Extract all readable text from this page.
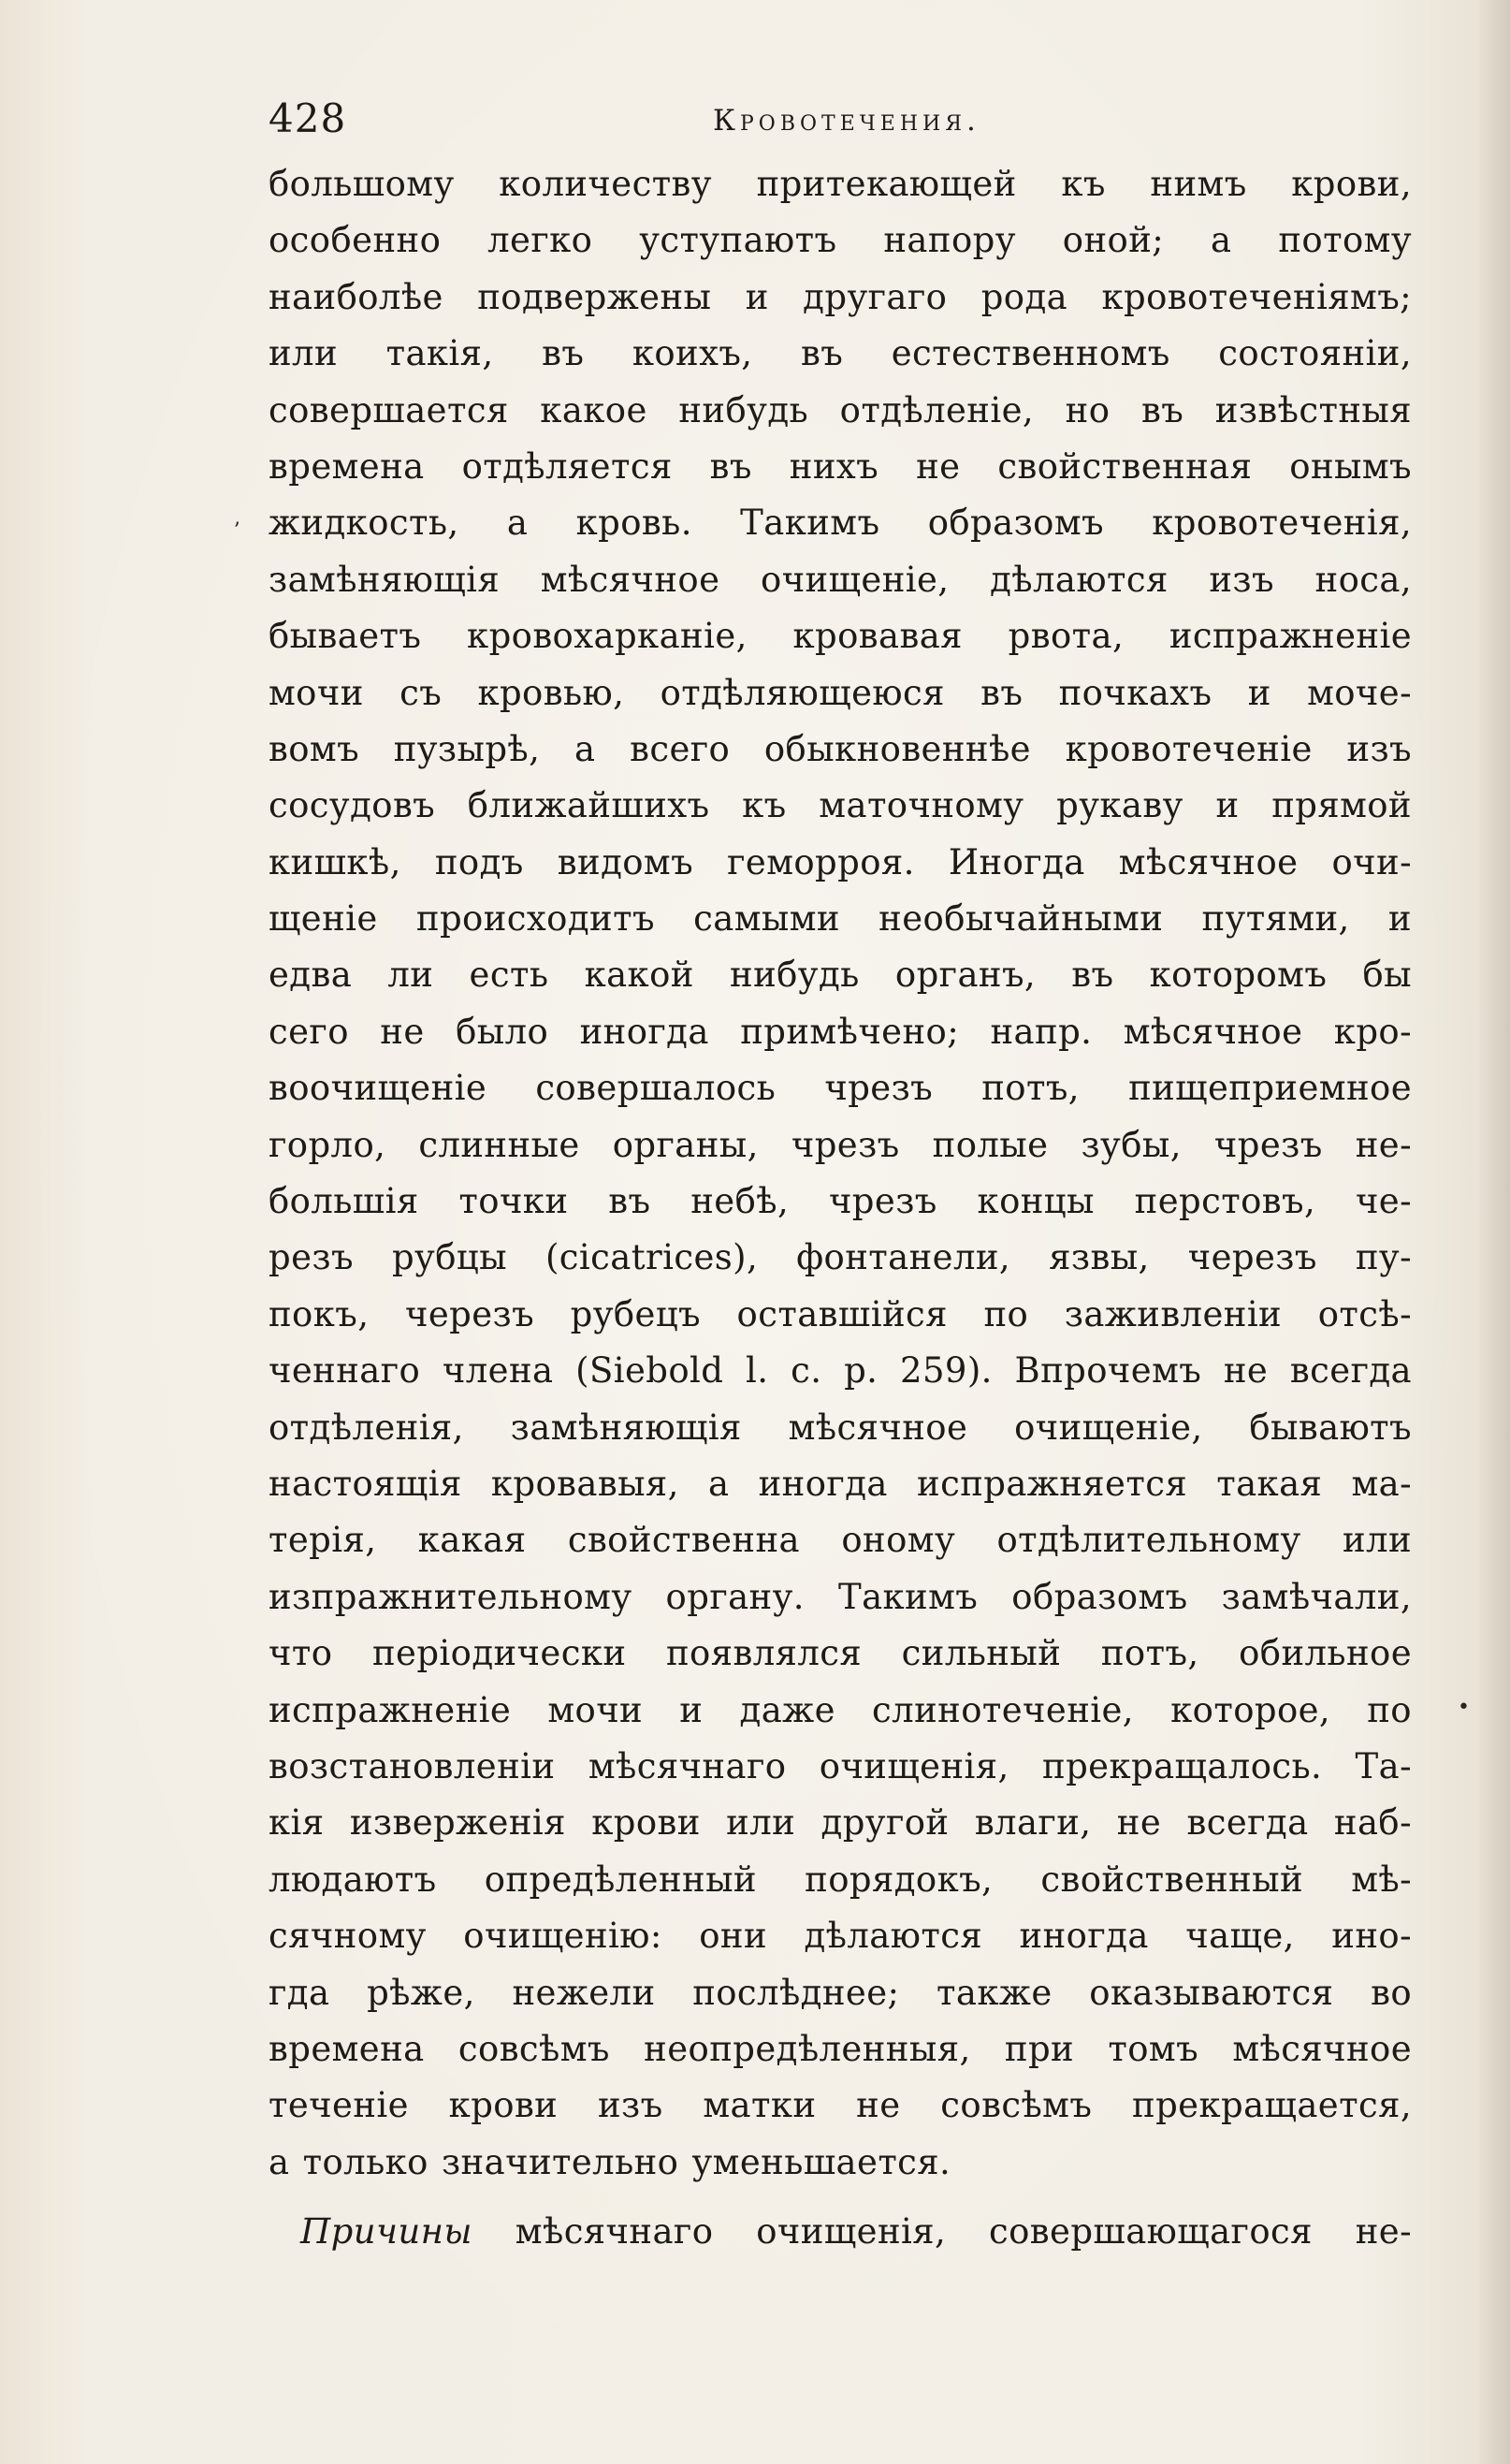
428	Кровотечения.
большому количеству притекающей къ нимъ крови,
особенно легко уступаютъ напору оной; а потому
наиболѣе подвержены и другаго рода кровотеченiямъ;
или такiя, въ коихъ, въ естественномъ состоянiи,
совершается какое нибудь отдѣленiе, но въ извѣстныя
времена отдѣляется въ нихъ не свойственная онымъ
жидкость, а кровь. Такимъ образомъ кровотеченiя,
замѣняющiя мѣсячное очищенiе, дѣлаются изъ носа,
бываетъ кровохарканiе, кровавая рвота, испражненiе
мочи съ кровью, отдѣляющеюся въ почкахъ и моче-
вомъ пузырѣ, а всего обыкновеннѣе кровотеченiе изъ
сосудовъ ближайшихъ къ маточному рукаву и прямой
кишкѣ, подъ видомъ геморроя. Иногда мѣсячное очи-
щенiе происходитъ самыми необычайными путями, и
едва ли есть какой нибудь органъ, въ которомъ бы
сего не было иногда примѣчено; напр. мѣсячное кро-
воочищенiе совершалось чрезъ потъ, пищеприемное
горло, слинные органы, чрезъ полые зубы, чрезъ не-
большiя точки въ небѣ, чрезъ концы перстовъ, че-
резъ рубцы (cicatrices), фонтанели, язвы, черезъ пу-
покъ, черезъ рубецъ оставшiйся по заживленiи отсѣ-
ченнаго члена (Siebold l. c. p. 259). Впрочемъ не всегда
отдѣленiя, замѣняющiя мѣсячное очищенiе, бываютъ
настоящiя кровавыя, а иногда испражняется такая ма-
терiя, какая свойственна оному отдѣлительному или
изпражнительному органу. Такимъ образомъ замѣчали,
что перiодически появлялся сильный потъ, обильное
испражненiе мочи и даже слинотеченiе, которое, по
возстановленiи мѣсячнаго очищенiя, прекращалось. Та-
кiя изверженiя крови или другой влаги, не всегда наб-
людаютъ опредѣленный порядокъ, свойственный мѣ-
сячному очищенiю: они дѣлаются иногда чаще, ино-
гда рѣже, нежели послѣднее; также оказываются во
времена совсѣмъ неопредѣленныя, при томъ мѣсячное
теченiе крови изъ матки не совсѣмъ прекращается,
а только значительно уменьшается.
Причины мѣсячнаго очищенiя, совершающагося не-
ʼ
•
